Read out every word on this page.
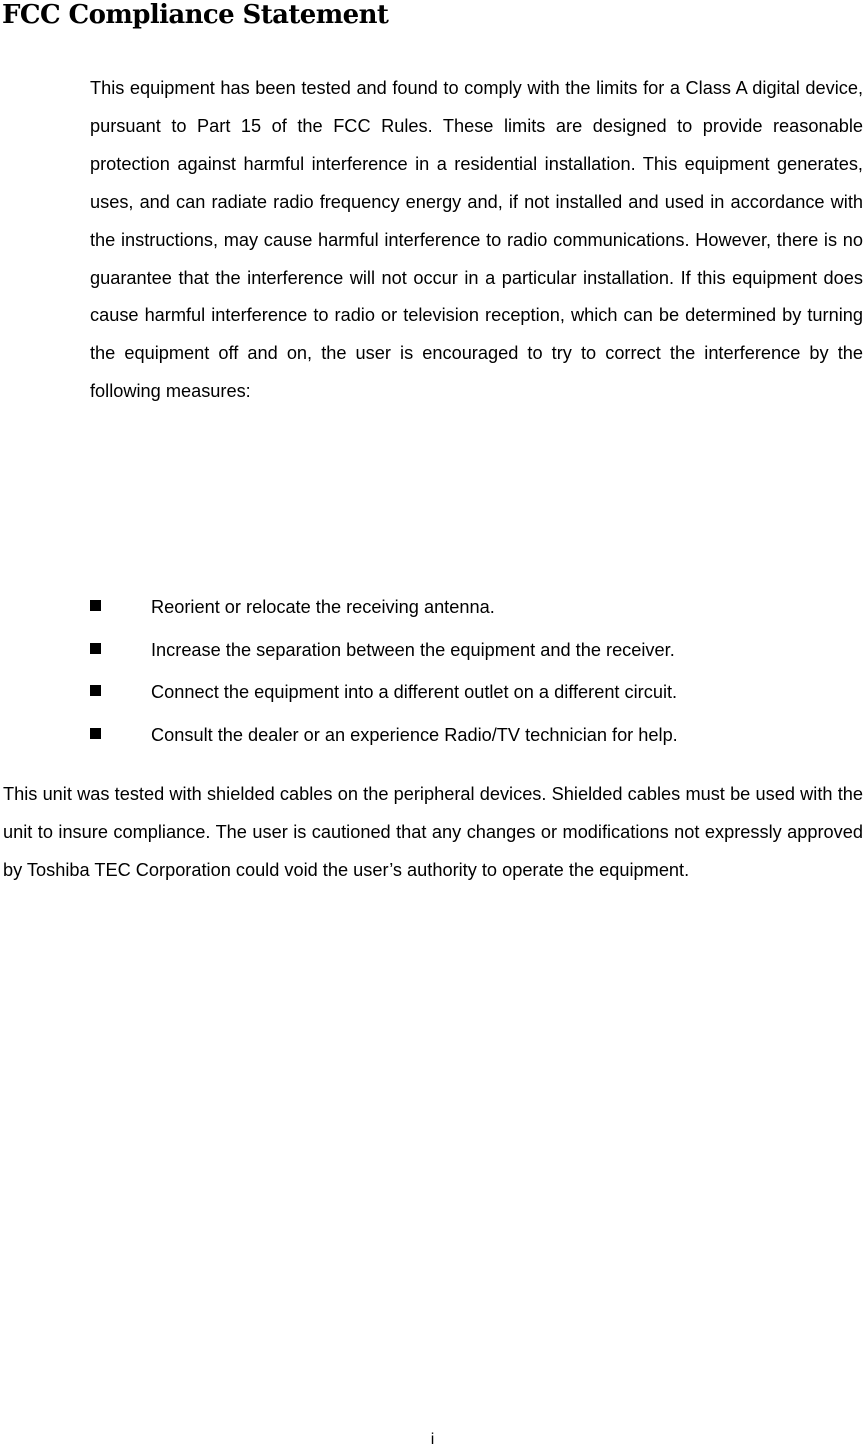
FCC Compliance Statement

This equipment has been tested and found to comply with the limits for a Class A digital device, pursuant to Part 15 of the FCC Rules. These limits are designed to provide reasonable protection against harmful interference in a residential installation. This equipment generates, uses, and can radiate radio frequency energy and, if not installed and used in accordance with the instructions, may cause harmful interference to radio communications. However, there is no guarantee that the interference will not occur in a particular installation. If this equipment does cause harmful interference to radio or television reception, which can be determined by turning the equipment off and on, the user is encouraged to try to correct the interference by the following measures:

Reorient or relocate the receiving antenna.
Increase the separation between the equipment and the receiver.
Connect the equipment into a different outlet on a different circuit.
Consult the dealer or an experience Radio/TV technician for help.

This unit was tested with shielded cables on the peripheral devices. Shielded cables must be used with the unit to insure compliance. The user is cautioned that any changes or modifications not expressly approved by Toshiba TEC Corporation could void the user’s authority to operate the equipment.

i
